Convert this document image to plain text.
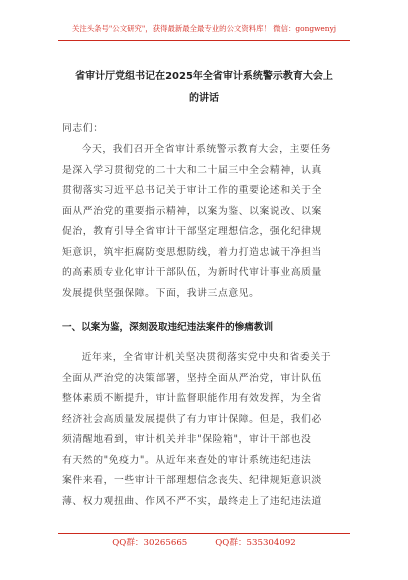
关注头条号"公文研究"，获得最新最全最专业的公文资料库！ 微信：gongwenyj
省审计厅党组书记在2025年全省审计系统警示教育大会上
的讲话
同志们：
今天，我们召开全省审计系统警示教育大会，主要任务
是深入学习贯彻党的二十大和二十届三中全会精神，认真
贯彻落实习近平总书记关于审计工作的重要论述和关于全
面从严治党的重要指示精神，以案为鉴、以案说改、以案
促治，教育引导全省审计干部坚定理想信念，强化纪律规
矩意识，筑牢拒腐防变思想防线，着力打造忠诚干净担当
的高素质专业化审计干部队伍，为新时代审计事业高质量
发展提供坚强保障。下面，我讲三点意见。
一、以案为鉴，深刻汲取违纪违法案件的惨痛教训
近年来，全省审计机关坚决贯彻落实党中央和省委关于
全面从严治党的决策部署，坚持全面从严治党，审计队伍
整体素质不断提升，审计监督职能作用有效发挥，为全省
经济社会高质量发展提供了有力审计保障。但是，我们必
须清醒地看到，审计机关并非"保险箱"，审计干部也没
有天然的"免疫力"。从近年来查处的审计系统违纪违法
案件来看，一些审计干部理想信念丧失、纪律规矩意识淡
薄、权力观扭曲、作风不严不实，最终走上了违纪违法道
QQ群：30265665	QQ群：535304092
